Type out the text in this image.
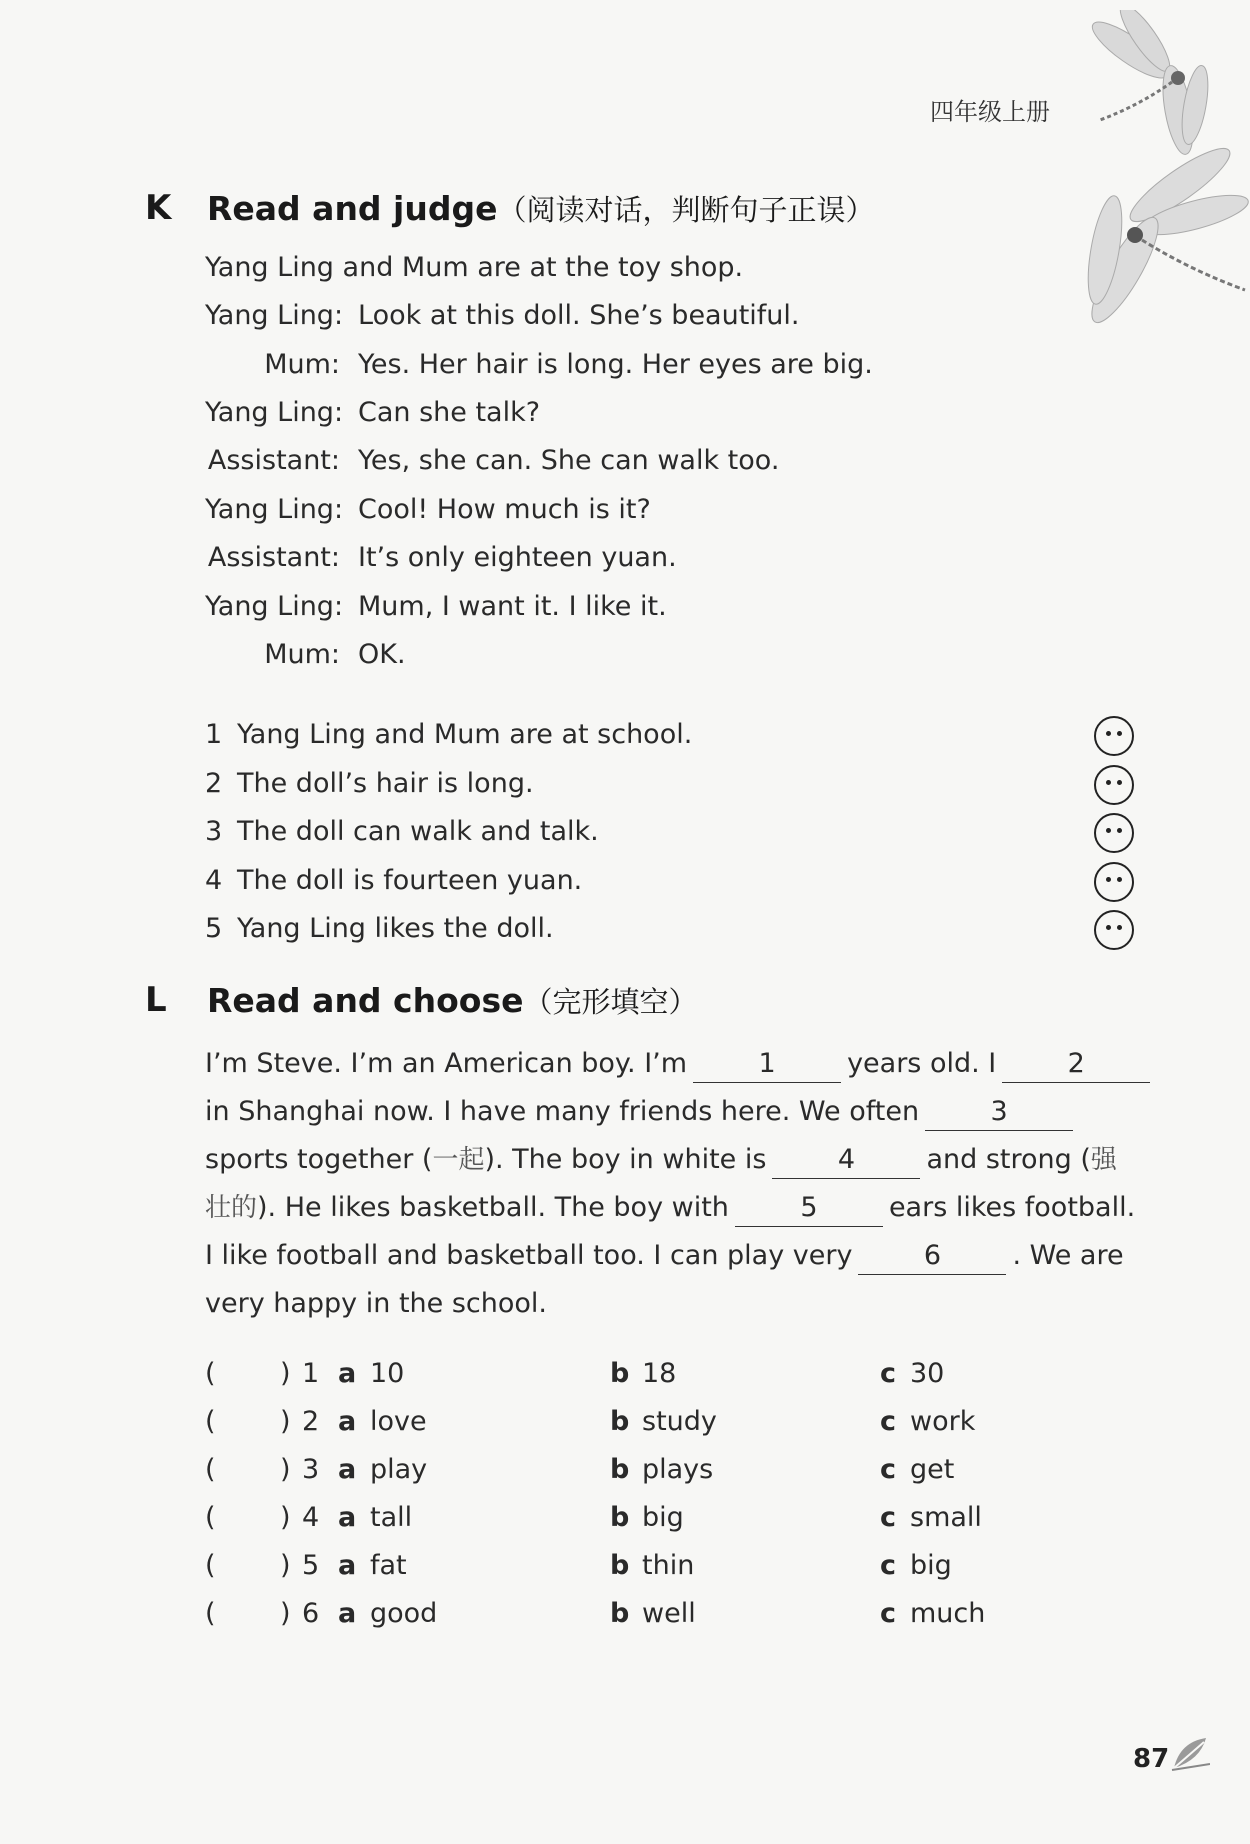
四年级上册
K Read and judge（阅读对话，判断句子正误）
Yang Ling and Mum are at the toy shop.
Yang Ling: Look at this doll. She’s beautiful.
Mum: Yes. Her hair is long. Her eyes are big.
Yang Ling: Can she talk?
Assistant: Yes, she can. She can walk too.
Yang Ling: Cool! How much is it?
Assistant: It’s only eighteen yuan.
Yang Ling: Mum, I want it. I like it.
Mum: OK.
1 Yang Ling and Mum are at school.
2 The doll’s hair is long.
3 The doll can walk and talk.
4 The doll is fourteen yuan.
5 Yang Ling likes the doll.
L Read and choose（完形填空）
I’m Steve. I’m an American boy. I’m	1	years old. I	2
in Shanghai now. I have many friends here. We often	3
sports together (一起). The boy in white is	4	and strong (强
壮的). He likes basketball. The boy with	5	ears likes football.
I like football and basketball too. I can play very	6	. We are
very happy in the school.
( ) 1 a 10	b 18	c 30
( ) 2 a love	b study	c work
( ) 3 a play	b plays	c get
( ) 4 a tall	b big	c small
( ) 5 a fat	b thin	c big
( ) 6 a good	b well	c much
87
